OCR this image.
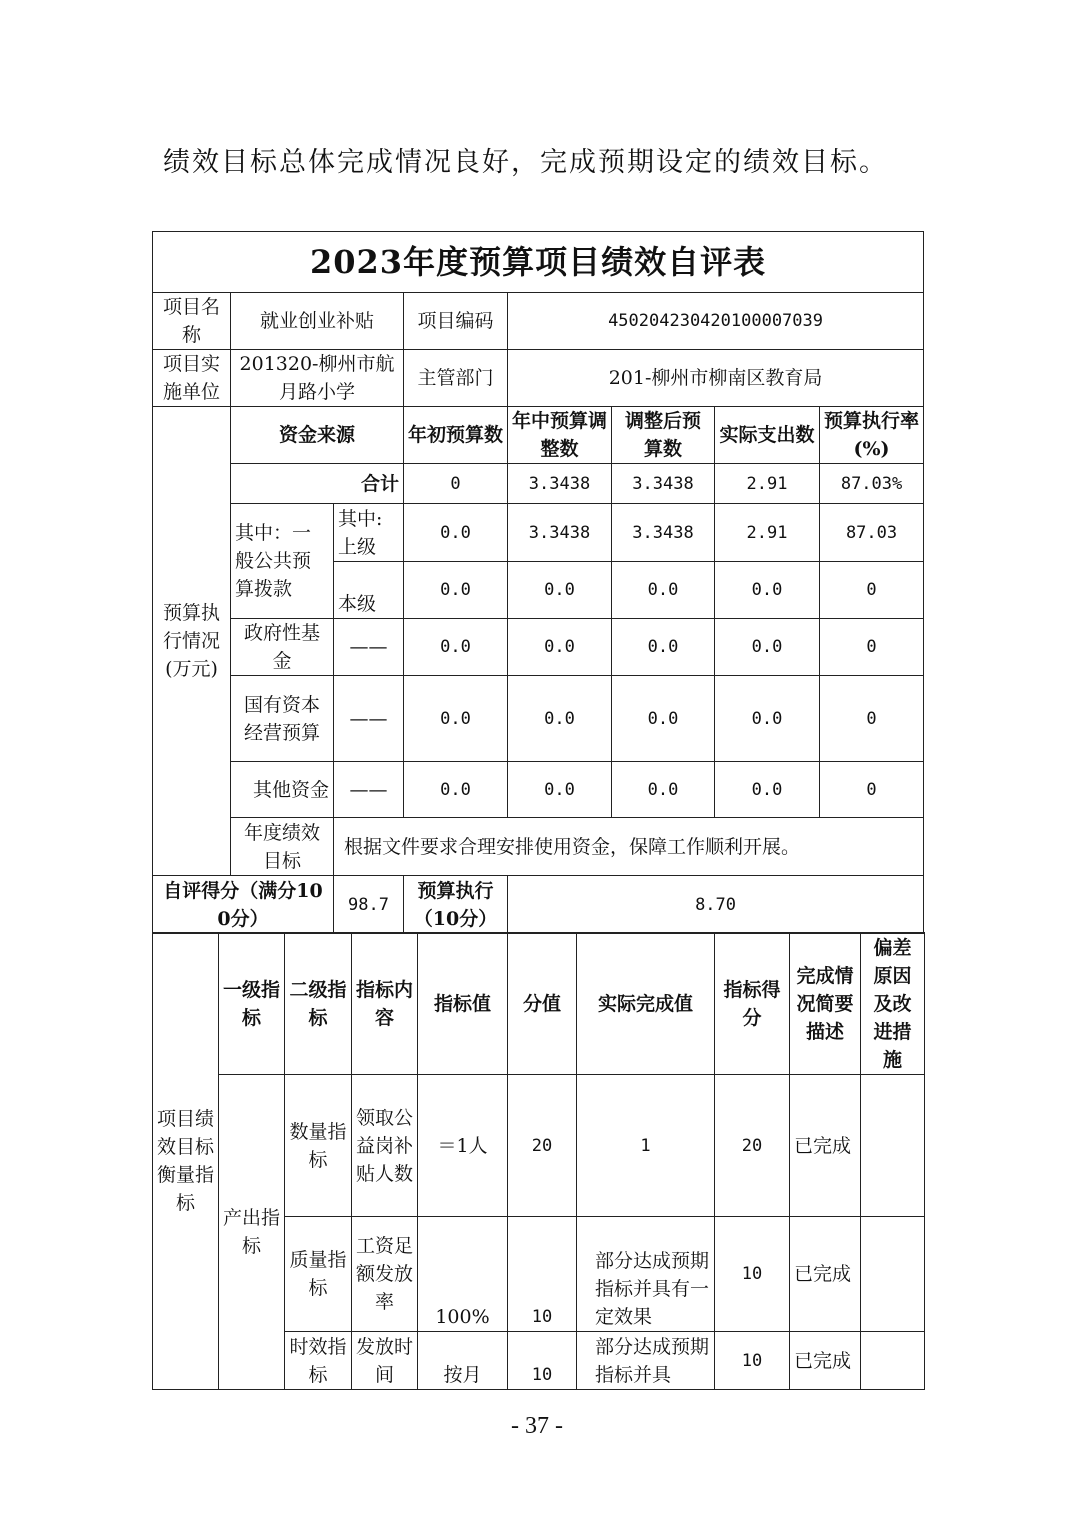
绩效目标总体完成情况良好，完成预期设定的绩效目标。
2023年度预算项目绩效自评表							
项目名称	就业创业补贴		项目编码	450204230420100007039			
项目实施单位	201320-柳州市航月路小学		主管部门	201-柳州市柳南区教育局			
预算执行情况(万元)	资金来源		年初预算数	年中预算调整数	调整后预算数	实际支出数	预算执行率(%)
	合计		0	3.3438	3.3438	2.91	87.03%
	其中：一般公共预算拨款	其中:上级	0.0	3.3438	3.3438	2.91	87.03
		本级	0.0	0.0	0.0	0.0	0
	政府性基金	——	0.0	0.0	0.0	0.0	0
	国有资本经营预算	——	0.0	0.0	0.0	0.0	0
	其他资金	——	0.0	0.0	0.0	0.0	0
	年度绩效目标	根据文件要求合理安排使用资金，保障工作顺利开展。					
自评得分（满分100分）		98.7	预算执行（10分）	8.70			
项目绩效目标衡量指标	一级指标	二级指标	指标内容	指标值	分值	实际完成值	指标得分	完成情况简要描述	偏差原因及改进措施
	产出指标	数量指标	领取公益岗补贴人数	＝1人	20	1	20	已完成	
		质量指标	工资足额发放率	100%	10	部分达成预期指标并具有一定效果	10	已完成	
		时效指标	发放时间	按月	10	部分达成预期指标并具	10	已完成	
- 37 -
